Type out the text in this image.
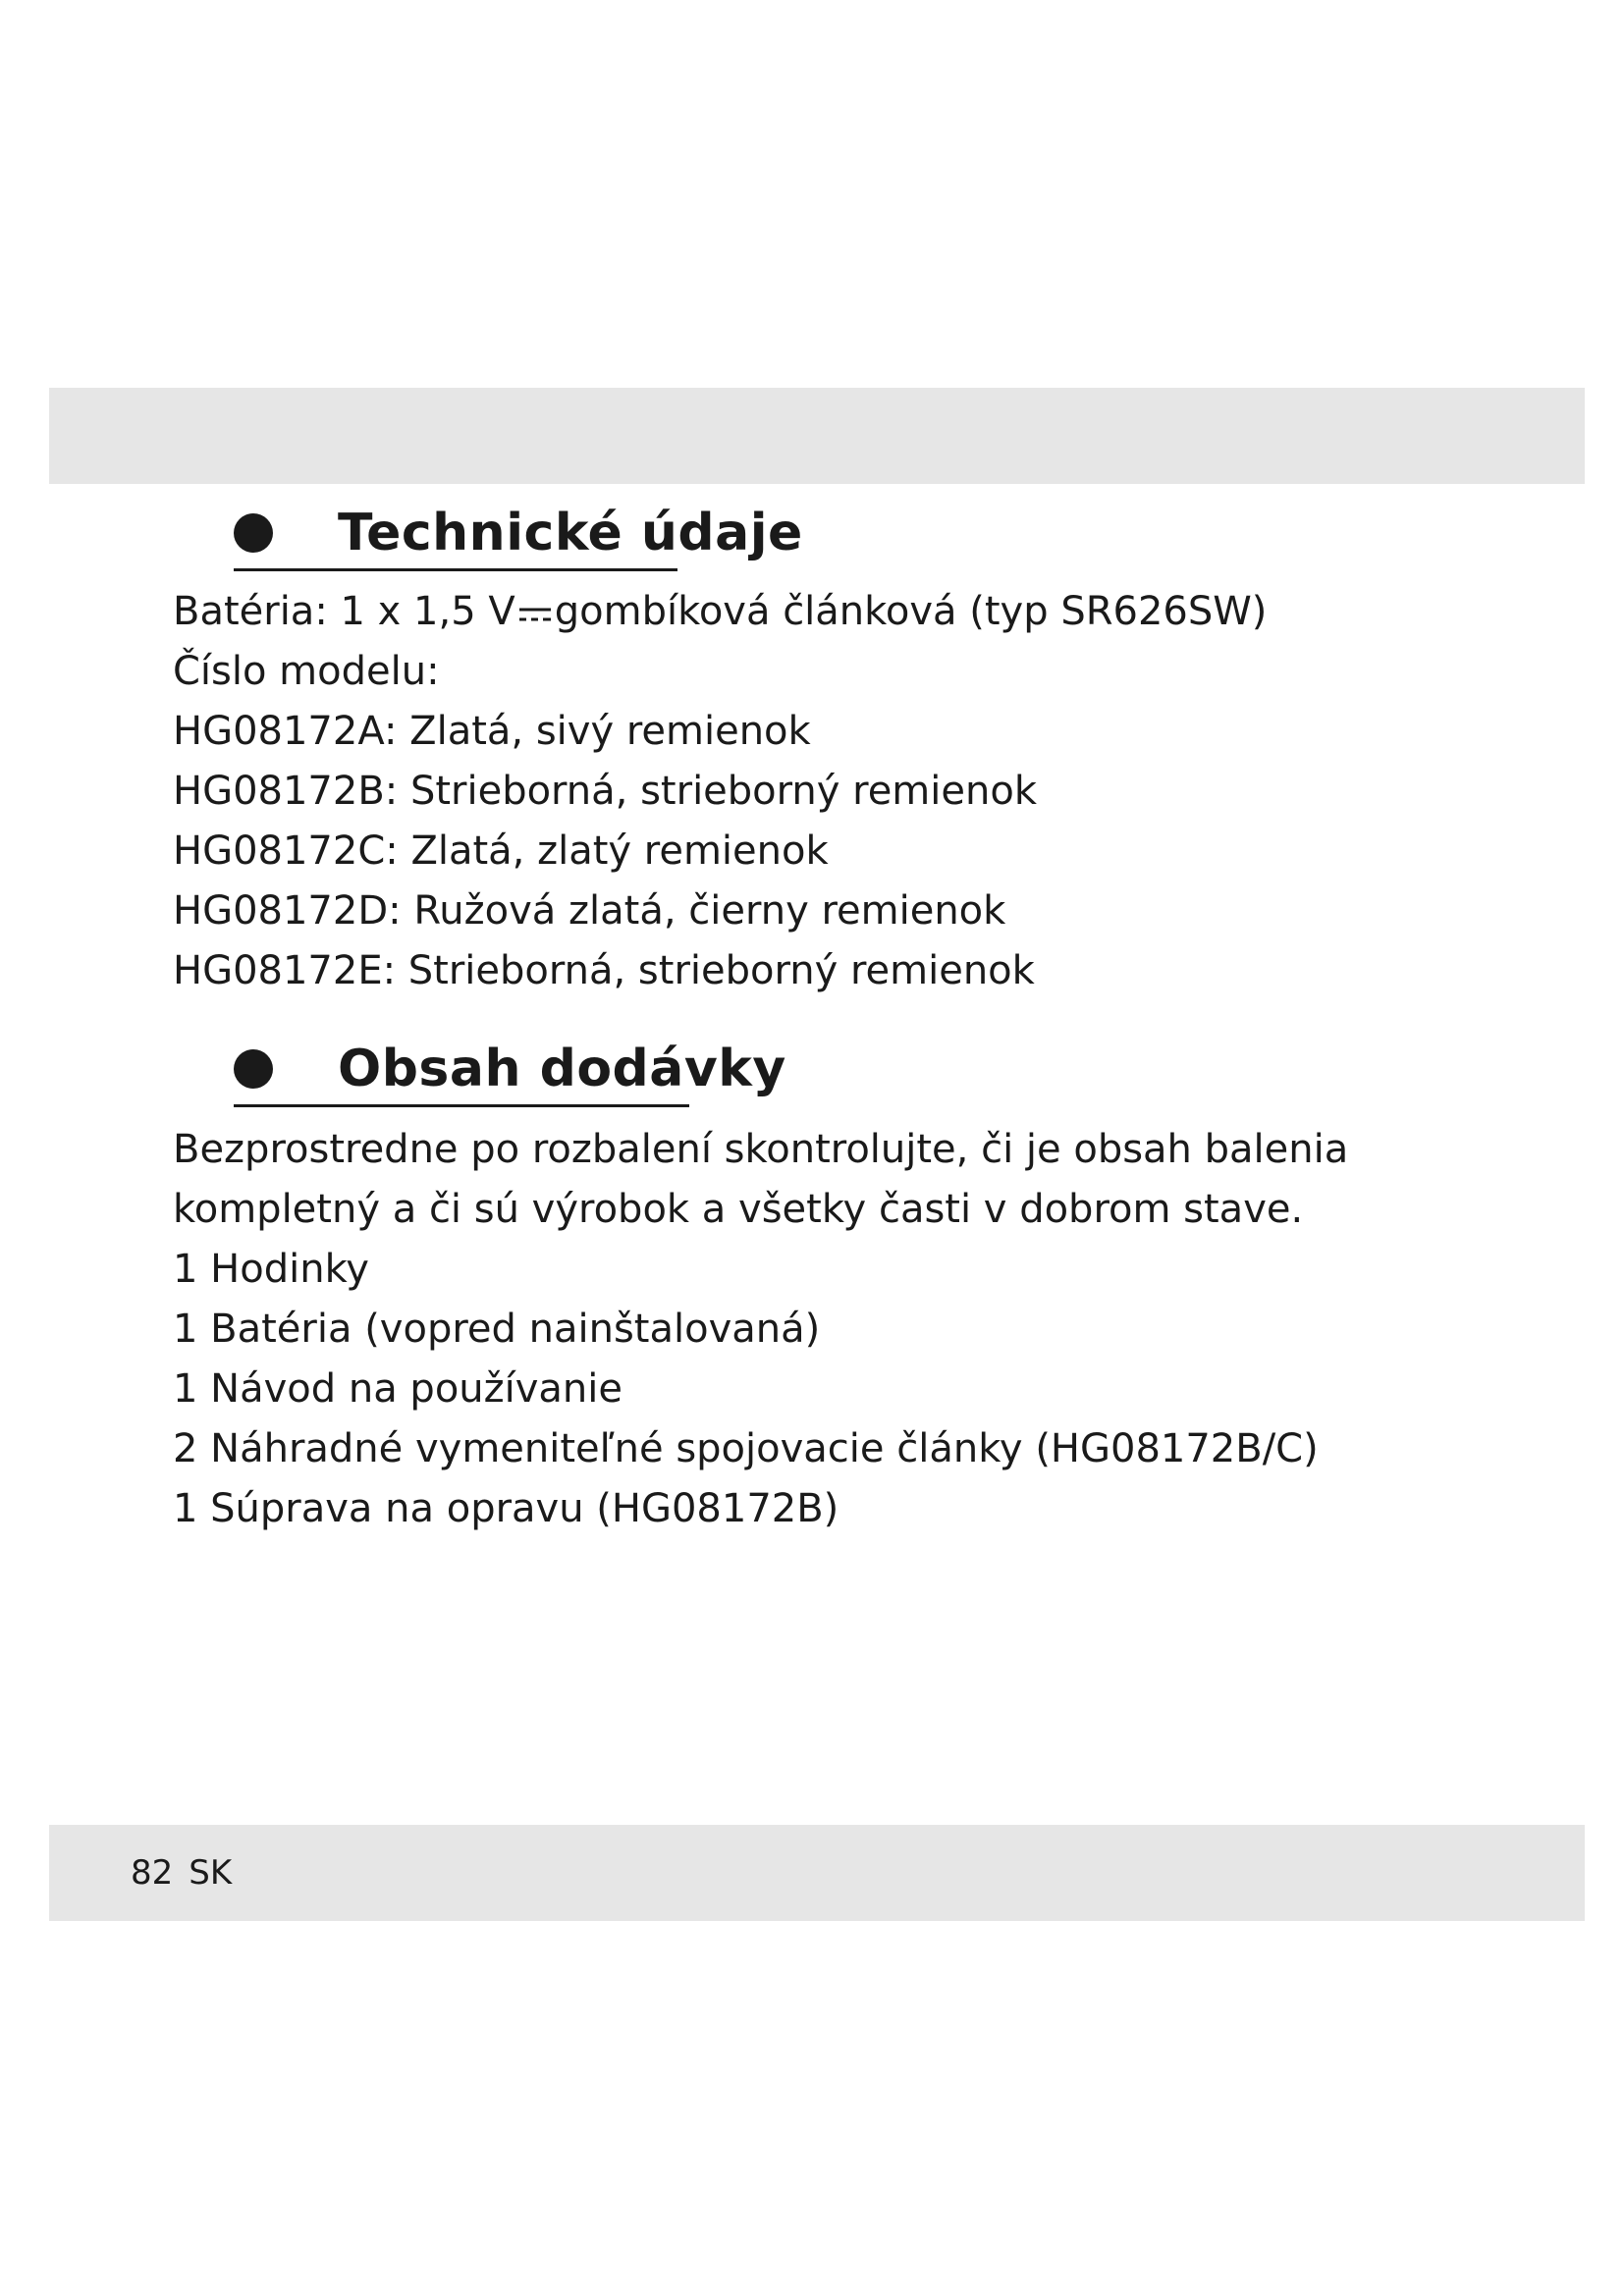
Technické údaje
Batéria: 1 x 1,5 V gombíková článková (typ SR626SW)
Číslo modelu:
HG08172A: Zlatá, sivý remienok
HG08172B: Strieborná, strieborný remienok
HG08172C: Zlatá, zlatý remienok
HG08172D: Ružová zlatá, čierny remienok
HG08172E: Strieborná, strieborný remienok
Obsah dodávky
Bezprostredne po rozbalení skontrolujte, či je obsah balenia
kompletný a či sú výrobok a všetky časti v dobrom stave.
1 Hodinky
1 Batéria (vopred nainštalovaná)
1 Návod na používanie
2 Náhradné vymeniteľné spojovacie články (HG08172B/C)
1 Súprava na opravu (HG08172B)
82 SK
